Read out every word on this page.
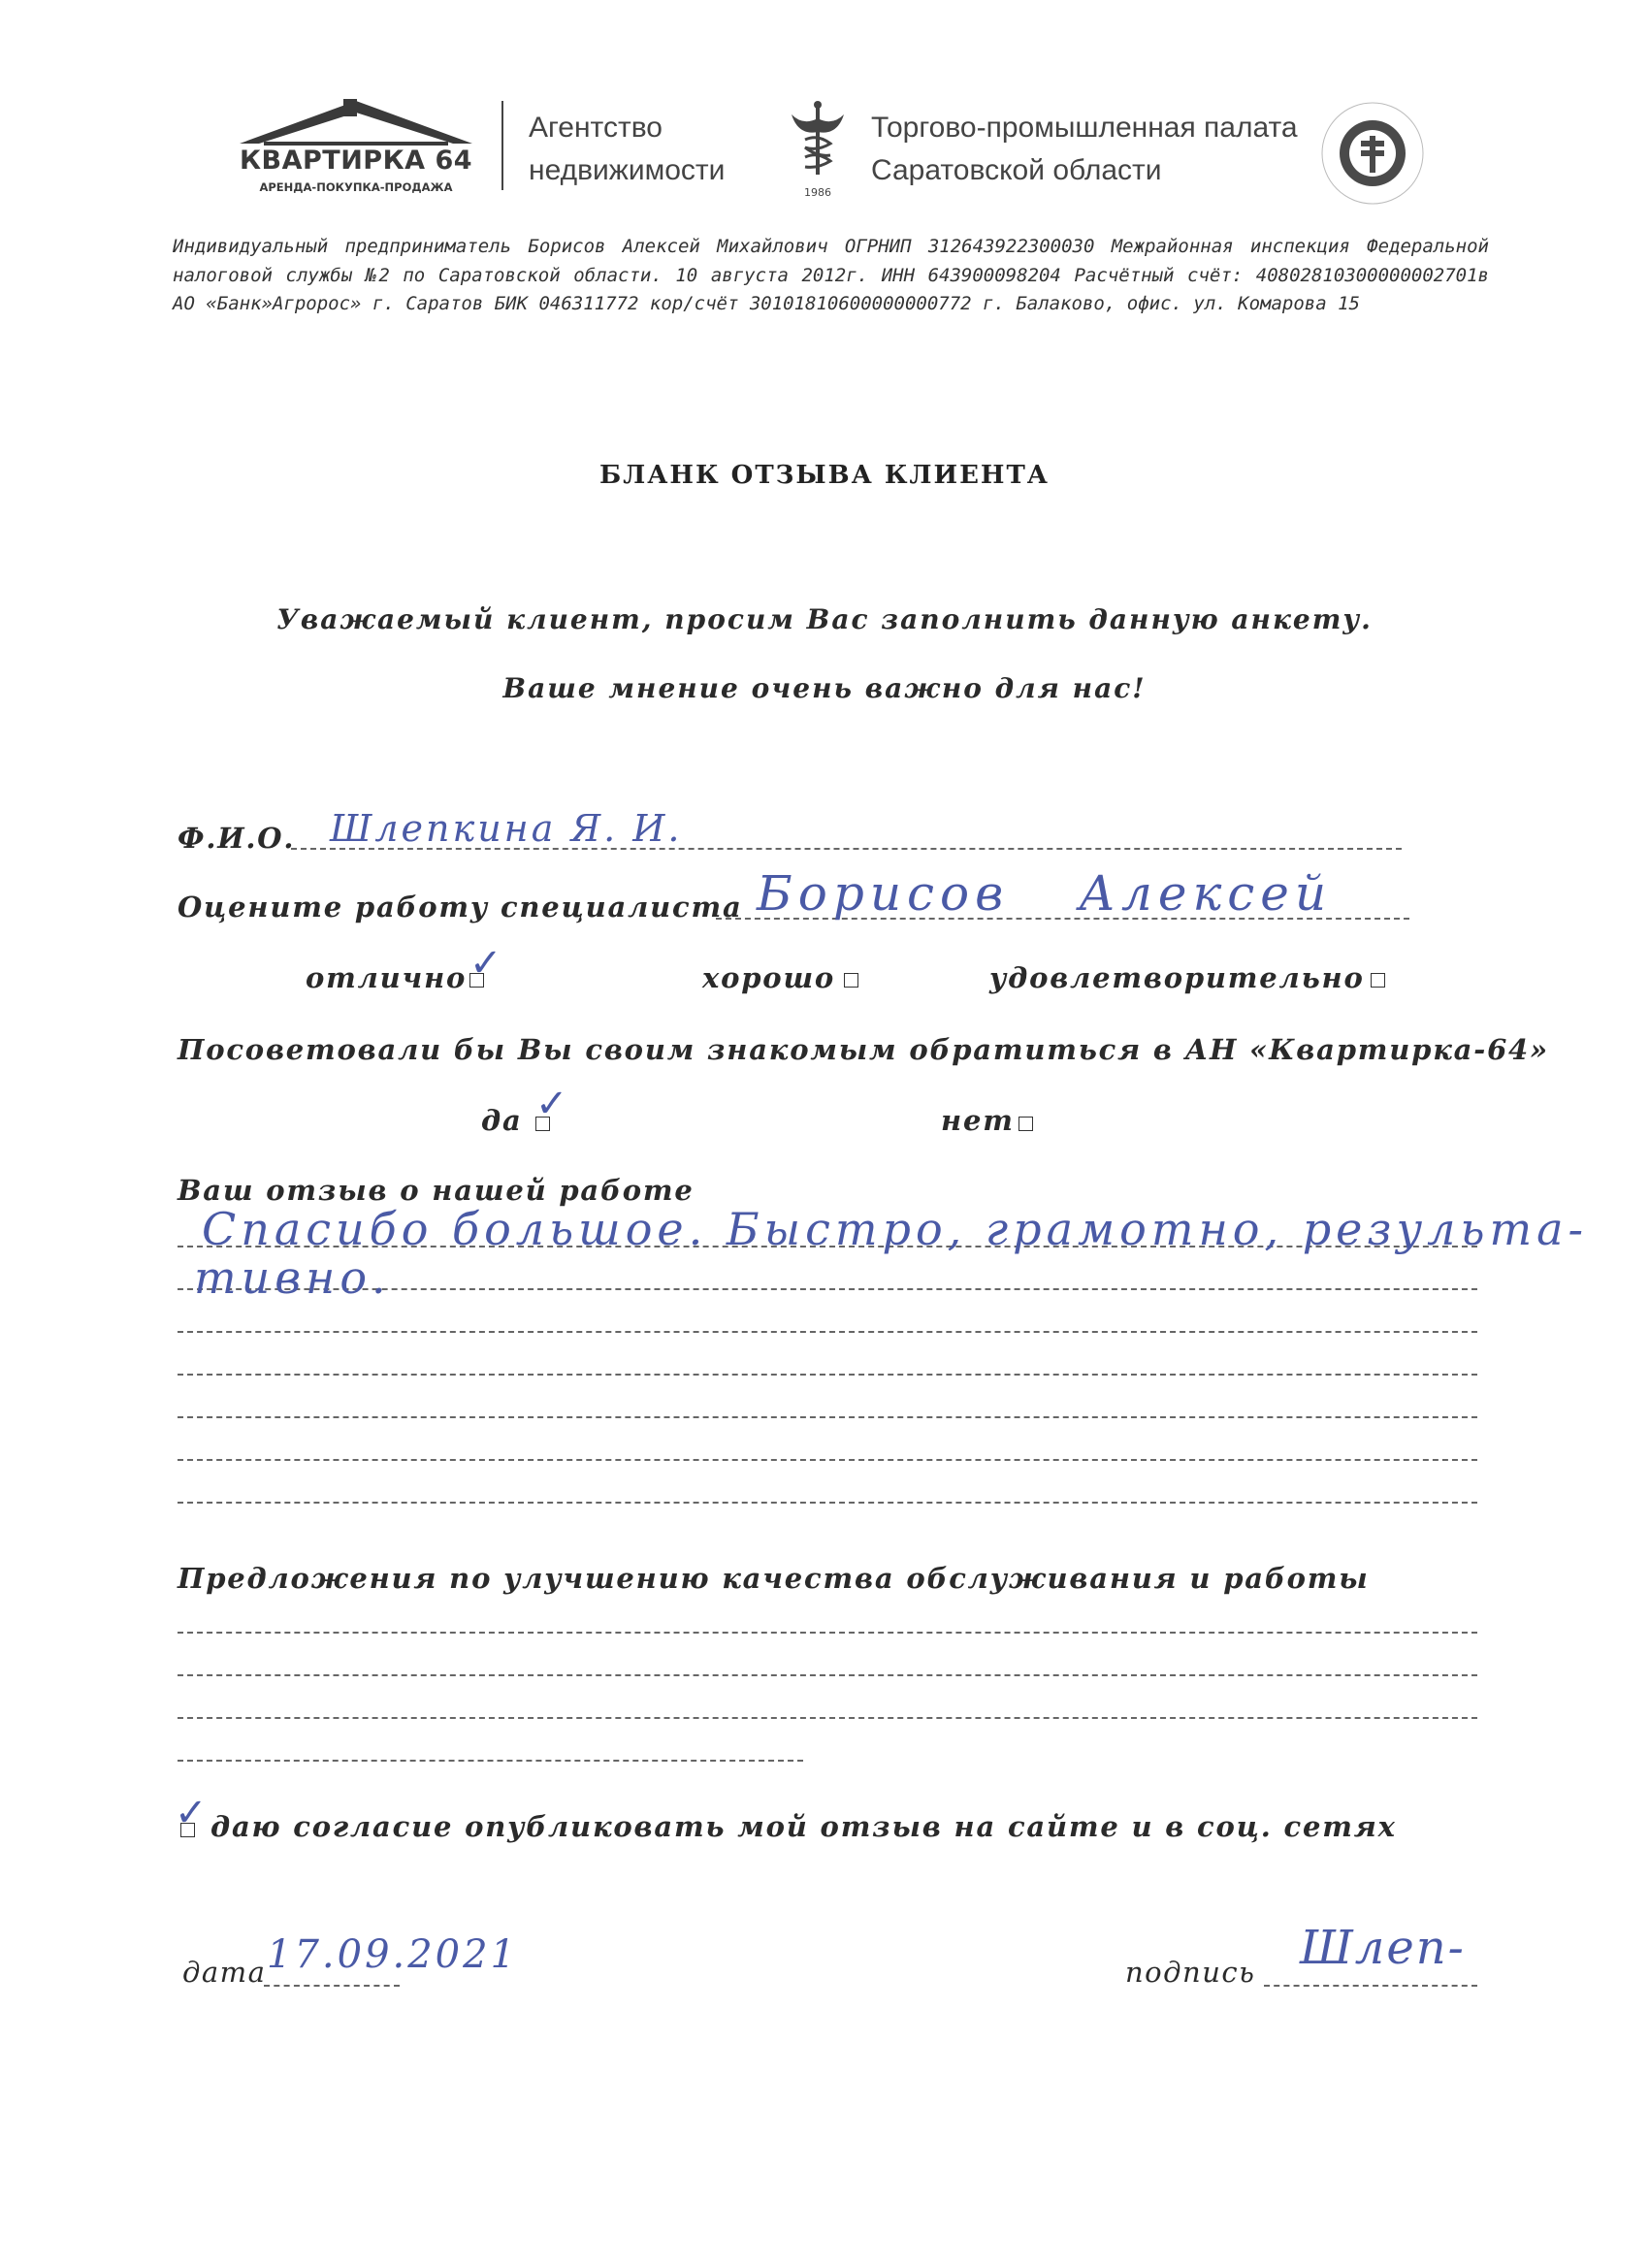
КВАРТИРКА 64
АРЕНДА-ПОКУПКА-ПРОДАЖА
Агентство
недвижимости
1986
Торгово-промышленная палата
Саратовской области
Индивидуальный предприниматель Борисов Алексей Михайлович ОГРНИП 312643922300030 Межрайонная инспекция Федеральной налоговой службы №2 по Саратовской области. 10 августа 2012г. ИНН 643900098204 Расчётный счёт: 40802810300000002701в АО «Банк»Агророс» г. Саратов БИК 046311772 кор/счёт 30101810600000000772 г. Балаково, офис. ул. Комарова 15
БЛАНК ОТЗЫВА КЛИЕНТА
Уважаемый клиент, просим Вас заполнить данную анкету.
Ваше мнение очень важно для нас!
Ф.И.О. Шлепкина Я. И.
Оцените работу специалиста Борисов Алексей
отлично ✓	хорошо	удовлетворительно
Посоветовали бы Вы своим знакомым обратиться в АН «Квартирка-64»
да ✓	нет
Ваш отзыв о нашей работе
Спасибо большое. Быстро, грамотно, результа-
тивно.
Предложения по улучшению качества обслуживания и работы
✓ даю согласие опубликовать мой отзыв на сайте и в соц. сетях
дата 17.09.2021	подпись Шлеп-
